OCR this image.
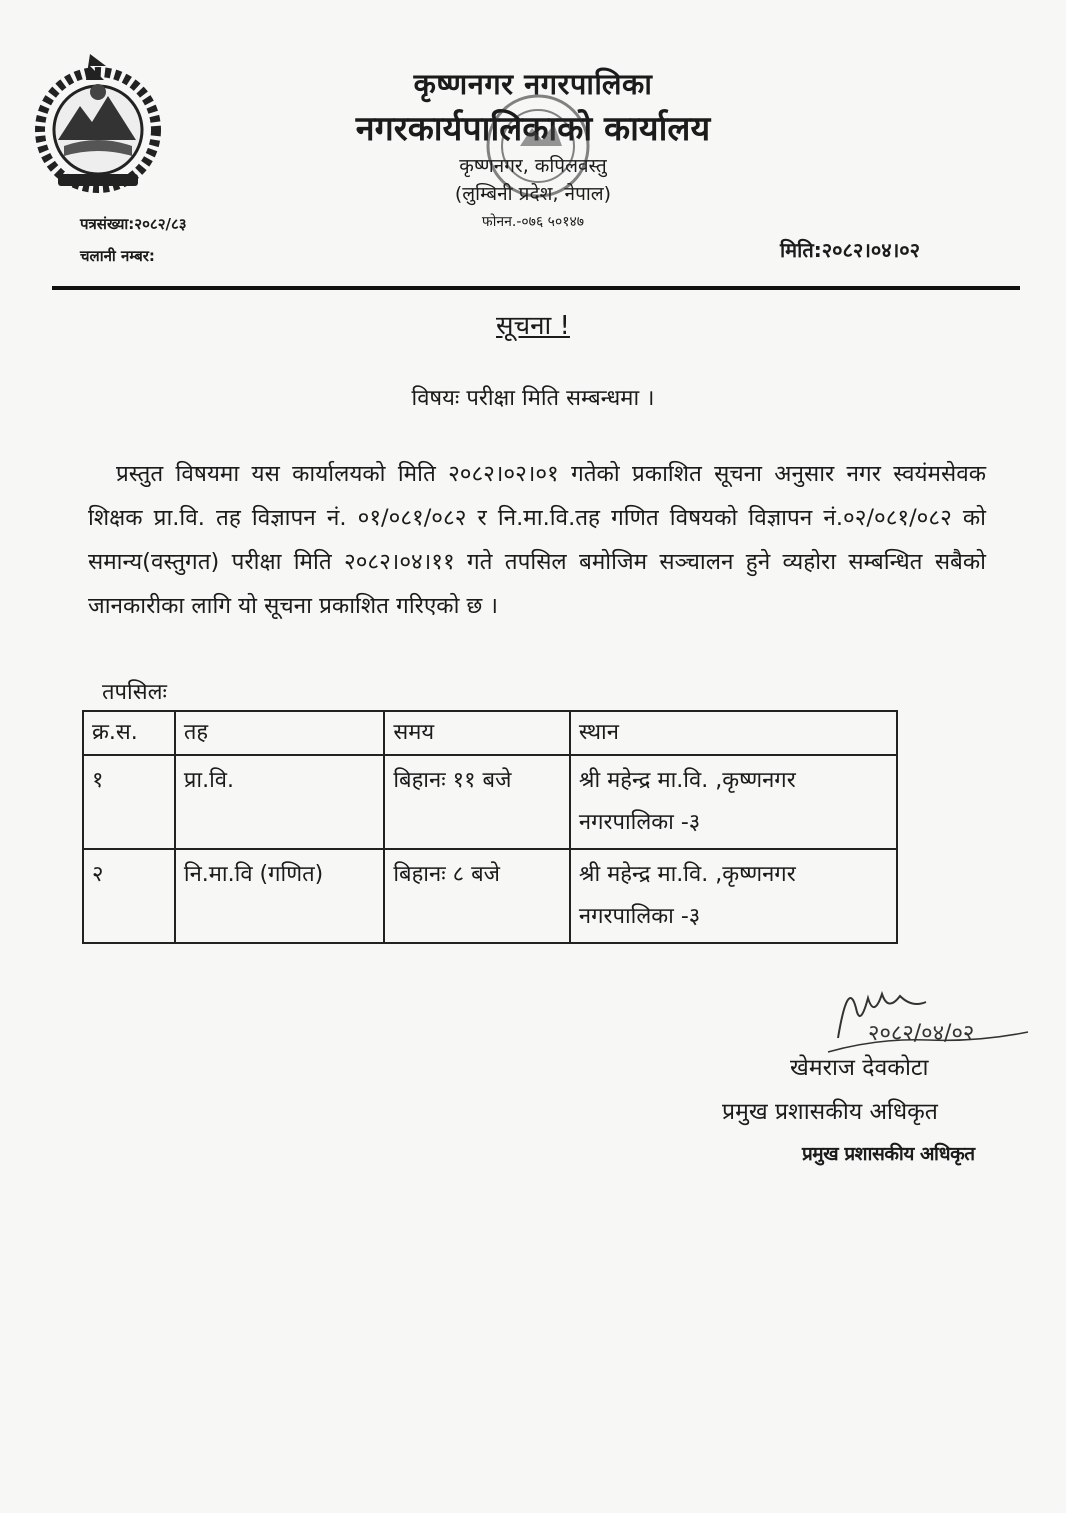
कृष्णनगर नगरपालिका
नगरकार्यपालिकाको कार्यालय
कृष्णनगर, कपिलवस्तु
(लुम्बिनी प्रदेश, नेपाल)
फोनन.-०७६ ५०१४७
पत्रसंख्या:२०८२/८३
चलानी नम्बर:	मिति:२०८२।०४।०२
सूचना !
विषयः परीक्षा मिति सम्बन्धमा ।
प्रस्तुत विषयमा यस कार्यालयको मिति २०८२।०२।०१ गतेको प्रकाशित सूचना अनुसार नगर स्वयंमसेवक शिक्षक प्रा.वि. तह विज्ञापन नं. ०१/०८१/०८२ र नि.मा.वि.तह गणित विषयको विज्ञापन नं.०२/०८१/०८२ को समान्य(वस्तुगत) परीक्षा मिति २०८२।०४।११ गते तपसिल बमोजिम सञ्चालन हुने व्यहोरा सम्बन्धित सबैको जानकारीका लागि यो सूचना प्रकाशित गरिएको छ ।
तपसिलः
क्र.स.	तह	समय	स्थान
१	प्रा.वि.	बिहानः ११ बजे	श्री महेन्द्र मा.वि. ,कृष्णनगर नगरपालिका -३
२	नि.मा.वि (गणित)	बिहानः ८ बजे	श्री महेन्द्र मा.वि. ,कृष्णनगर नगरपालिका -३
२०८२/०४/०२
खेमराज देवकोटा
प्रमुख प्रशासकीय अधिकृत
प्रमुख प्रशासकीय अधिकृत
